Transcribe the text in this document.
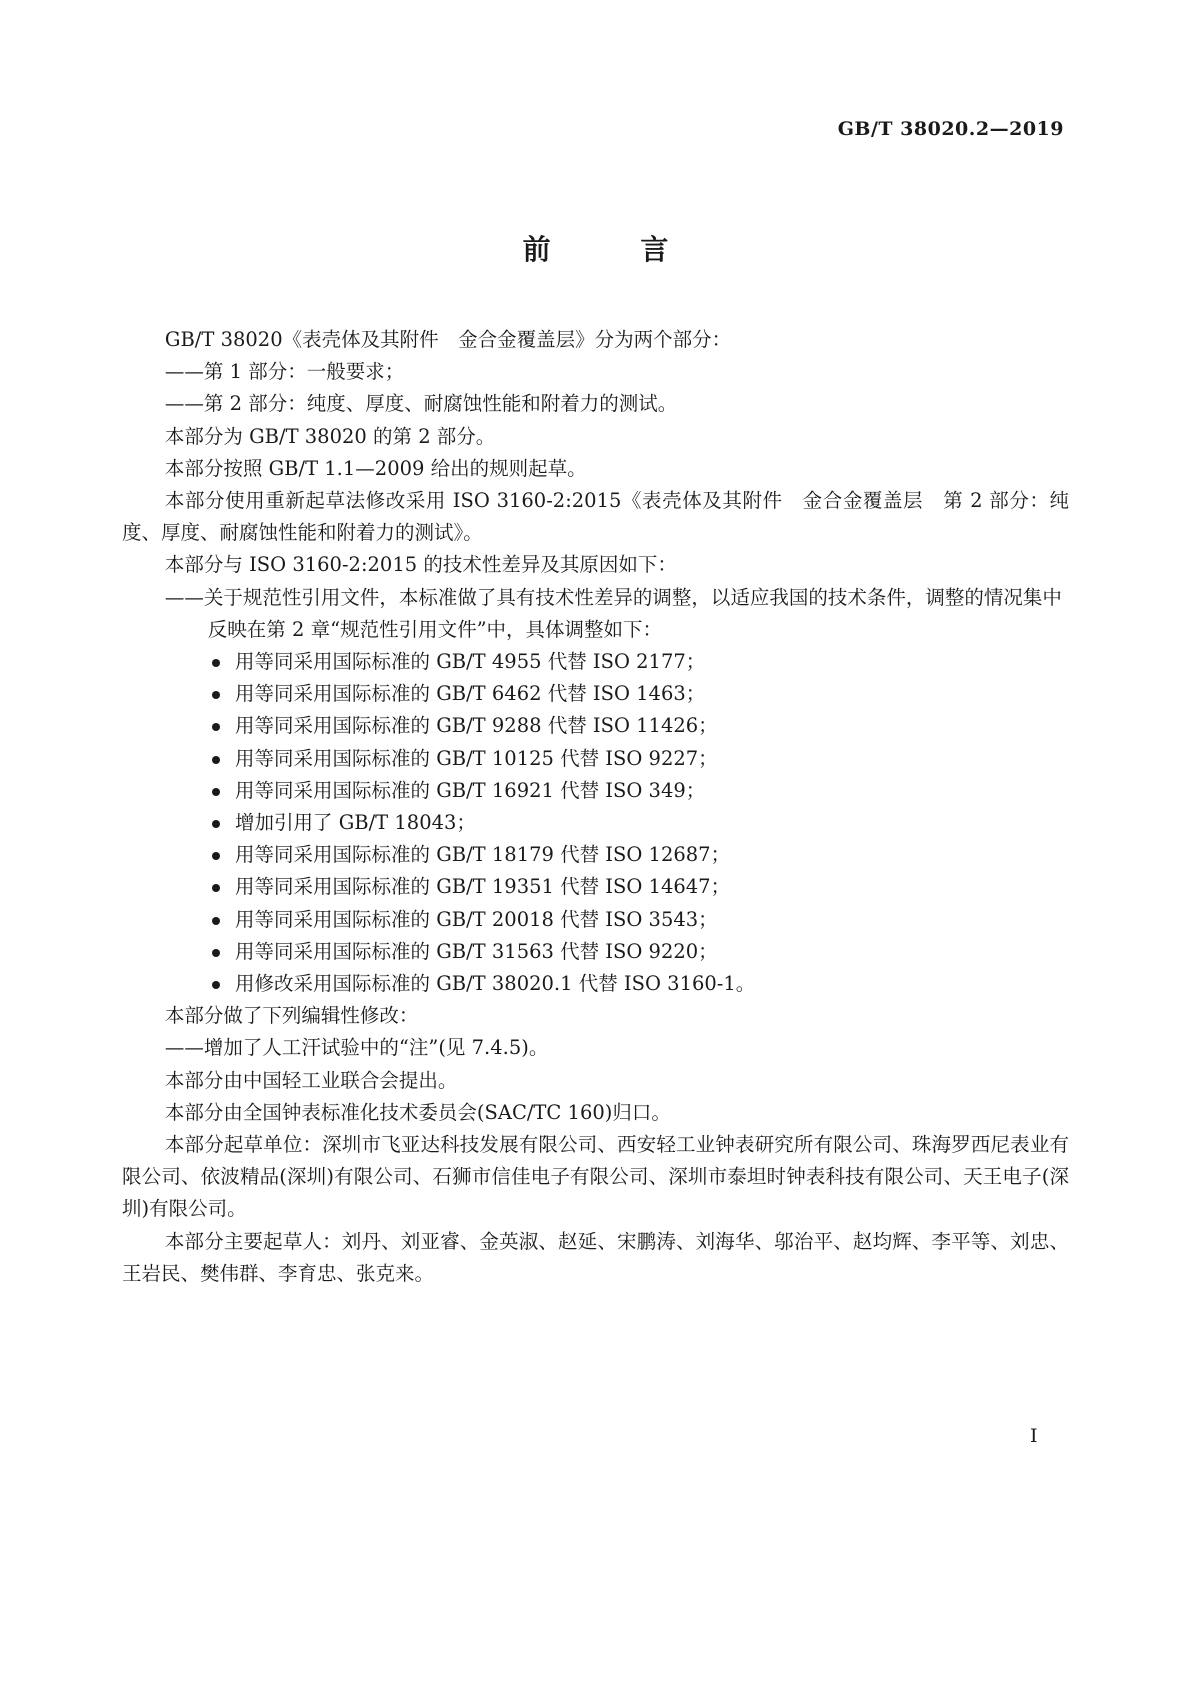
GB/T 38020.2—2019
前 言

GB/T 38020《表壳体及其附件　金合金覆盖层》分为两个部分：

——第 1 部分：一般要求；

——第 2 部分：纯度、厚度、耐腐蚀性能和附着力的测试。

本部分为 GB/T 38020 的第 2 部分。

本部分按照 GB/T 1.1—2009 给出的规则起草。

本部分使用重新起草法修改采用 ISO 3160-2:2015《表壳体及其附件　金合金覆盖层　第 2 部分：纯度、厚度、耐腐蚀性能和附着力的测试》。

本部分与 ISO 3160-2:2015 的技术性差异及其原因如下：

——关于规范性引用文件，本标准做了具有技术性差异的调整，以适应我国的技术条件，调整的情况集中反映在第 2 章“规范性引用文件”中，具体调整如下：

用等同采用国际标准的 GB/T 4955 代替 ISO 2177；
用等同采用国际标准的 GB/T 6462 代替 ISO 1463；
用等同采用国际标准的 GB/T 9288 代替 ISO 11426；
用等同采用国际标准的 GB/T 10125 代替 ISO 9227；
用等同采用国际标准的 GB/T 16921 代替 ISO 349；
增加引用了 GB/T 18043；
用等同采用国际标准的 GB/T 18179 代替 ISO 12687；
用等同采用国际标准的 GB/T 19351 代替 ISO 14647；
用等同采用国际标准的 GB/T 20018 代替 ISO 3543；
用等同采用国际标准的 GB/T 31563 代替 ISO 9220；
用修改采用国际标准的 GB/T 38020.1 代替 ISO 3160-1。

本部分做了下列编辑性修改：

——增加了人工汗试验中的“注”(见 7.4.5)。

本部分由中国轻工业联合会提出。

本部分由全国钟表标准化技术委员会(SAC/TC 160)归口。

本部分起草单位：深圳市飞亚达科技发展有限公司、西安轻工业钟表研究所有限公司、珠海罗西尼表业有限公司、依波精品(深圳)有限公司、石狮市信佳电子有限公司、深圳市泰坦时钟表科技有限公司、天王电子(深圳)有限公司。

本部分主要起草人：刘丹、刘亚睿、金英淑、赵延、宋鹏涛、刘海华、邬治平、赵均辉、李平等、刘忠、王岩民、樊伟群、李育忠、张克来。

I
